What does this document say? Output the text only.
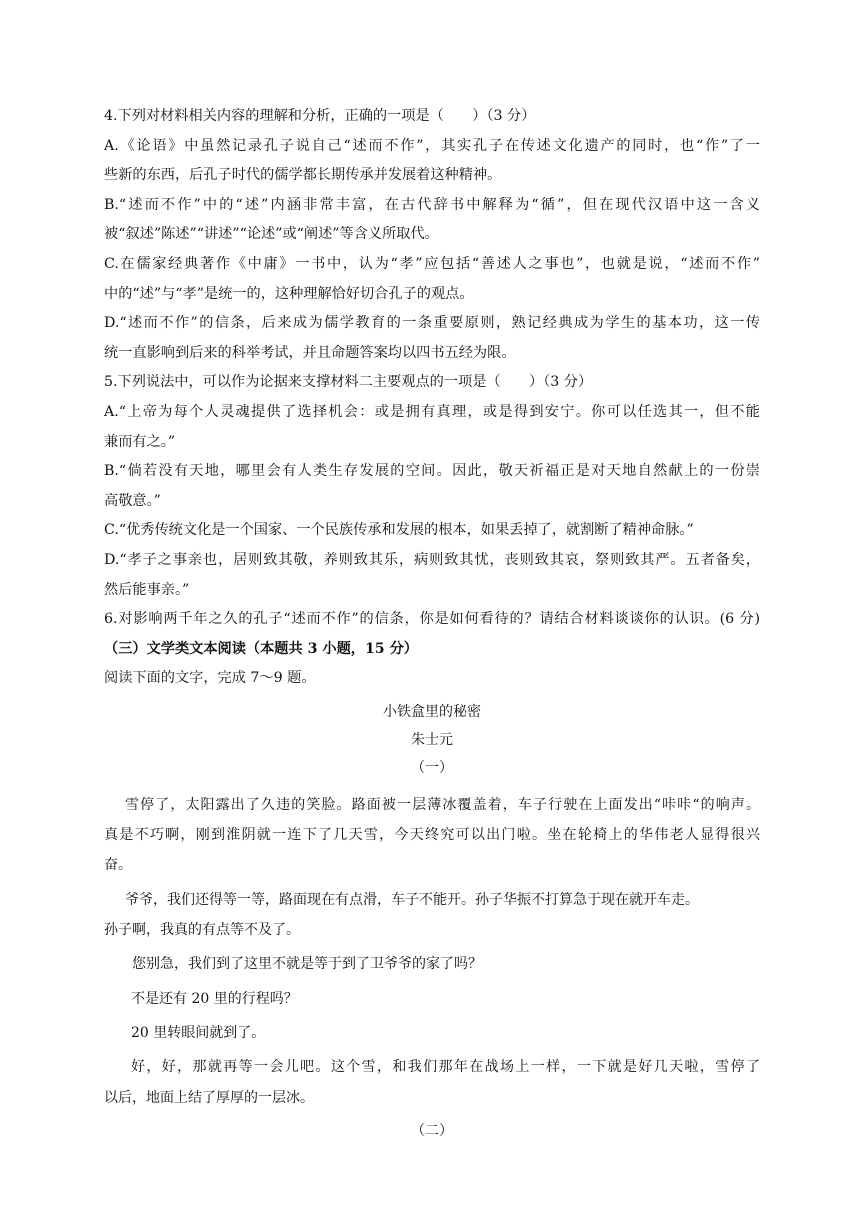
4.下列对材料相关内容的理解和分析，正确的一项是（　　）（3 分）
A.《论语》中虽然记录孔子说自己“述而不作”，其实孔子在传述文化遗产的同时，也“作”了一
些新的东西，后孔子时代的儒学都长期传承并发展着这种精神。
B.“述而不作”中的“述”内涵非常丰富，在古代辞书中解释为“循”，但在现代汉语中这一含义
被“叙述”陈述”“讲述”“论述”或“阐述”等含义所取代。
C.在儒家经典著作《中庸》一书中，认为“孝”应包括“善述人之事也”，也就是说，“述而不作”
中的“述”与“孝”是统一的，这种理解恰好切合孔子的观点。
D.“述而不作”的信条，后来成为儒学教育的一条重要原则，熟记经典成为学生的基本功，这一传
统一直影响到后来的科举考试，并且命题答案均以四书五经为限。
5.下列说法中，可以作为论据来支撑材料二主要观点的一项是（　　）（3 分）
A.“上帝为每个人灵魂提供了选择机会：或是拥有真理，或是得到安宁。你可以任选其一，但不能
兼而有之。”
B.“倘若没有天地，哪里会有人类生存发展的空间。因此，敬天祈福正是对天地自然献上的一份崇
高敬意。”
C.“优秀传统文化是一个国家、一个民族传承和发展的根本，如果丢掉了，就割断了精神命脉。”
D.“孝子之事亲也，居则致其敬，养则致其乐，病则致其忧，丧则致其哀，祭则致其严。五者备矣，
然后能事亲。”
6.对影响两千年之久的孔子“述而不作”的信条，你是如何看待的？请结合材料谈谈你的认识。(6 分)
（三）文学类文本阅读（本题共 3 小题，15 分）
阅读下面的文字，完成 7～9 题。
小铁盒里的秘密
朱士元
（一）
雪停了，太阳露出了久违的笑脸。路面被一层薄冰覆盖着，车子行驶在上面发出“咔咔“的响声。
真是不巧啊，刚到淮阴就一连下了几天雪，今天终究可以出门啦。坐在轮椅上的华伟老人显得很兴
奋。
爷爷，我们还得等一等，路面现在有点滑，车子不能开。孙子华振不打算急于现在就开车走。
孙子啊，我真的有点等不及了。
您别急，我们到了这里不就是等于到了卫爷爷的家了吗？
不是还有 20 里的行程吗？
20 里转眼间就到了。
好，好，那就再等一会儿吧。这个雪，和我们那年在战场上一样，一下就是好几天啦，雪停了
以后，地面上结了厚厚的一层冰。
（二）
